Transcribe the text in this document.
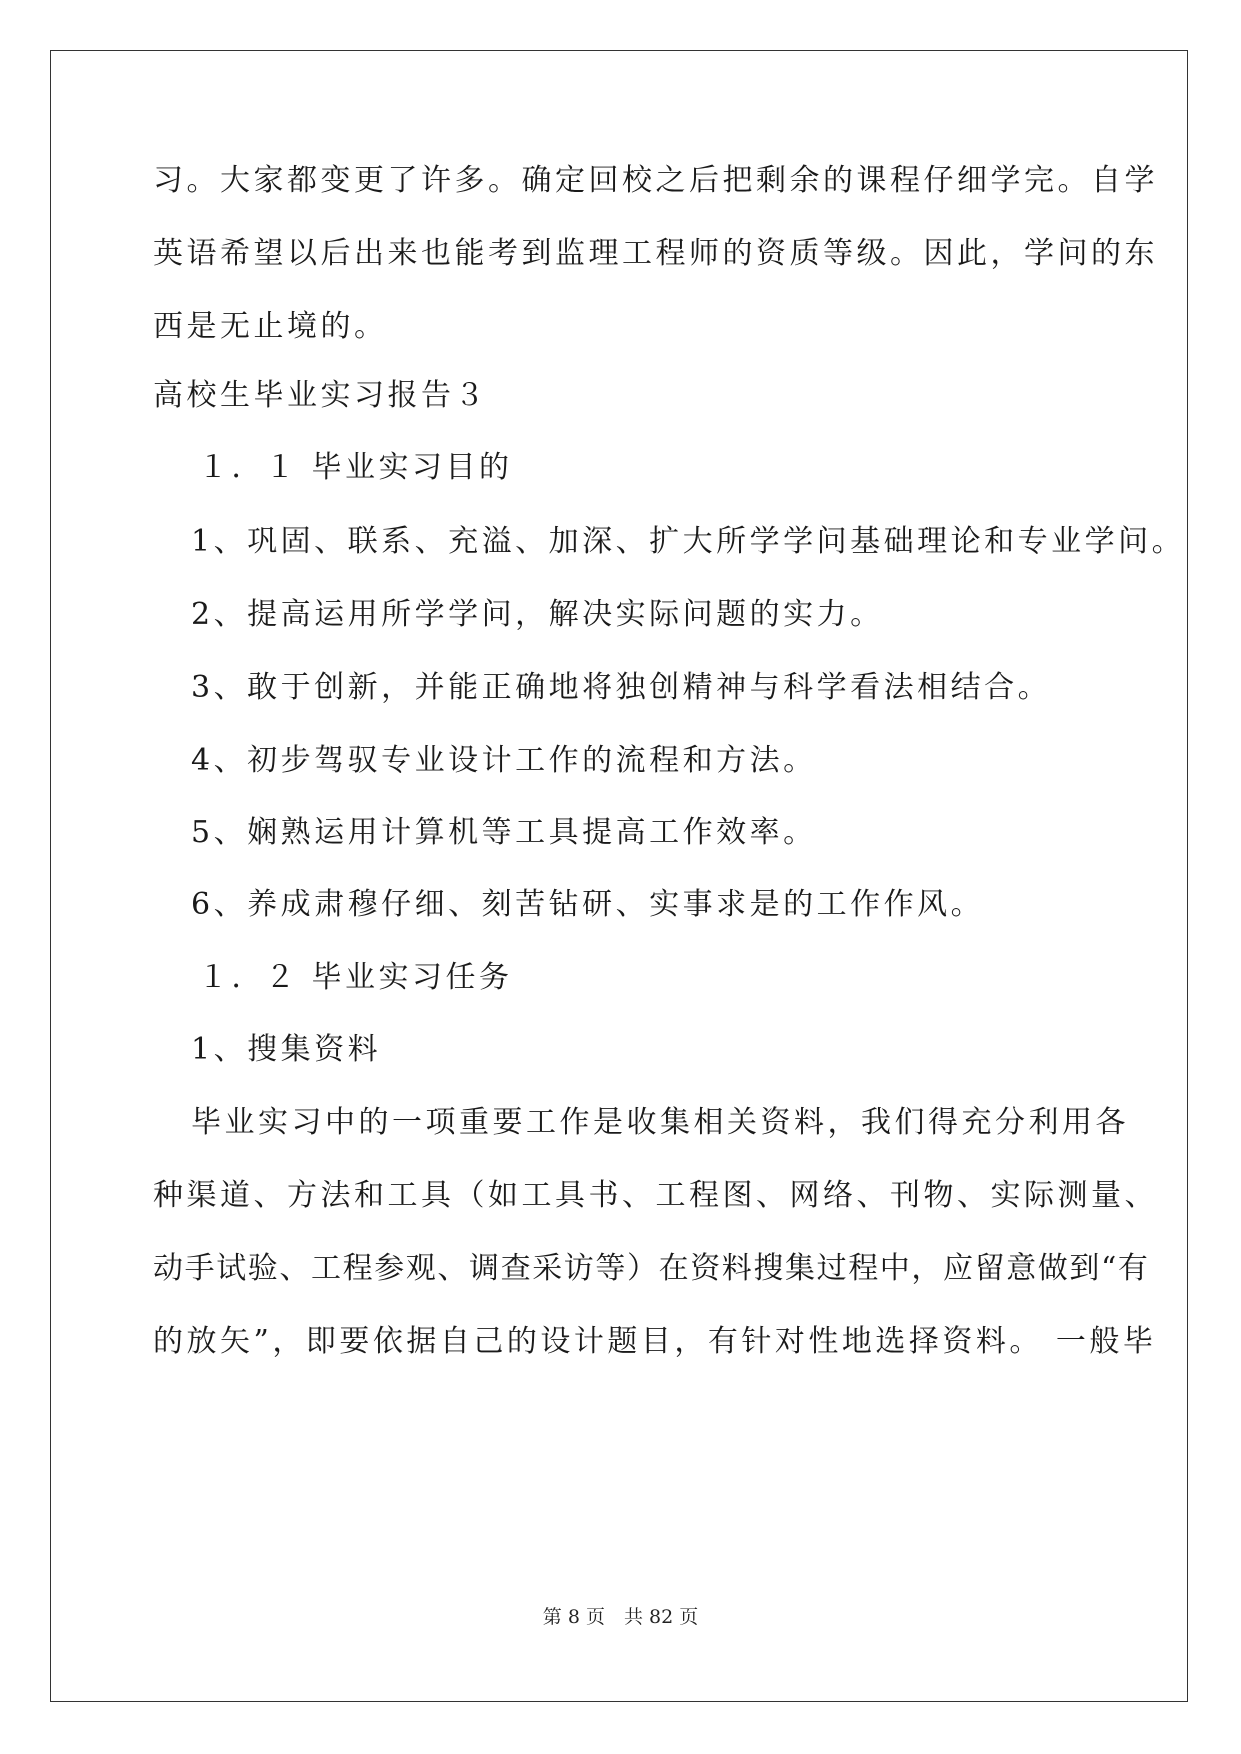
习。大家都变更了许多。确定回校之后把剩余的课程仔细学完。自学
英语希望以后出来也能考到监理工程师的资质等级。因此，学问的东
西是无止境的。
高校生毕业实习报告３
１．１ 毕业实习目的
1、巩固、联系、充溢、加深、扩大所学学问基础理论和专业学问。
2、提高运用所学学问，解决实际问题的实力。
3、敢于创新，并能正确地将独创精神与科学看法相结合。
4、初步驾驭专业设计工作的流程和方法。
5、娴熟运用计算机等工具提高工作效率。
6、养成肃穆仔细、刻苦钻研、实事求是的工作作风。
１．２ 毕业实习任务
1、搜集资料
毕业实习中的一项重要工作是收集相关资料，我们得充分利用各
种渠道、方法和工具（如工具书、工程图、网络、刊物、实际测量、
动手试验、工程参观、调查采访等）在资料搜集过程中，应留意做到“有
的放矢”，即要依据自己的设计题目，有针对性地选择资料。 一般毕
第 8 页　共 82 页
